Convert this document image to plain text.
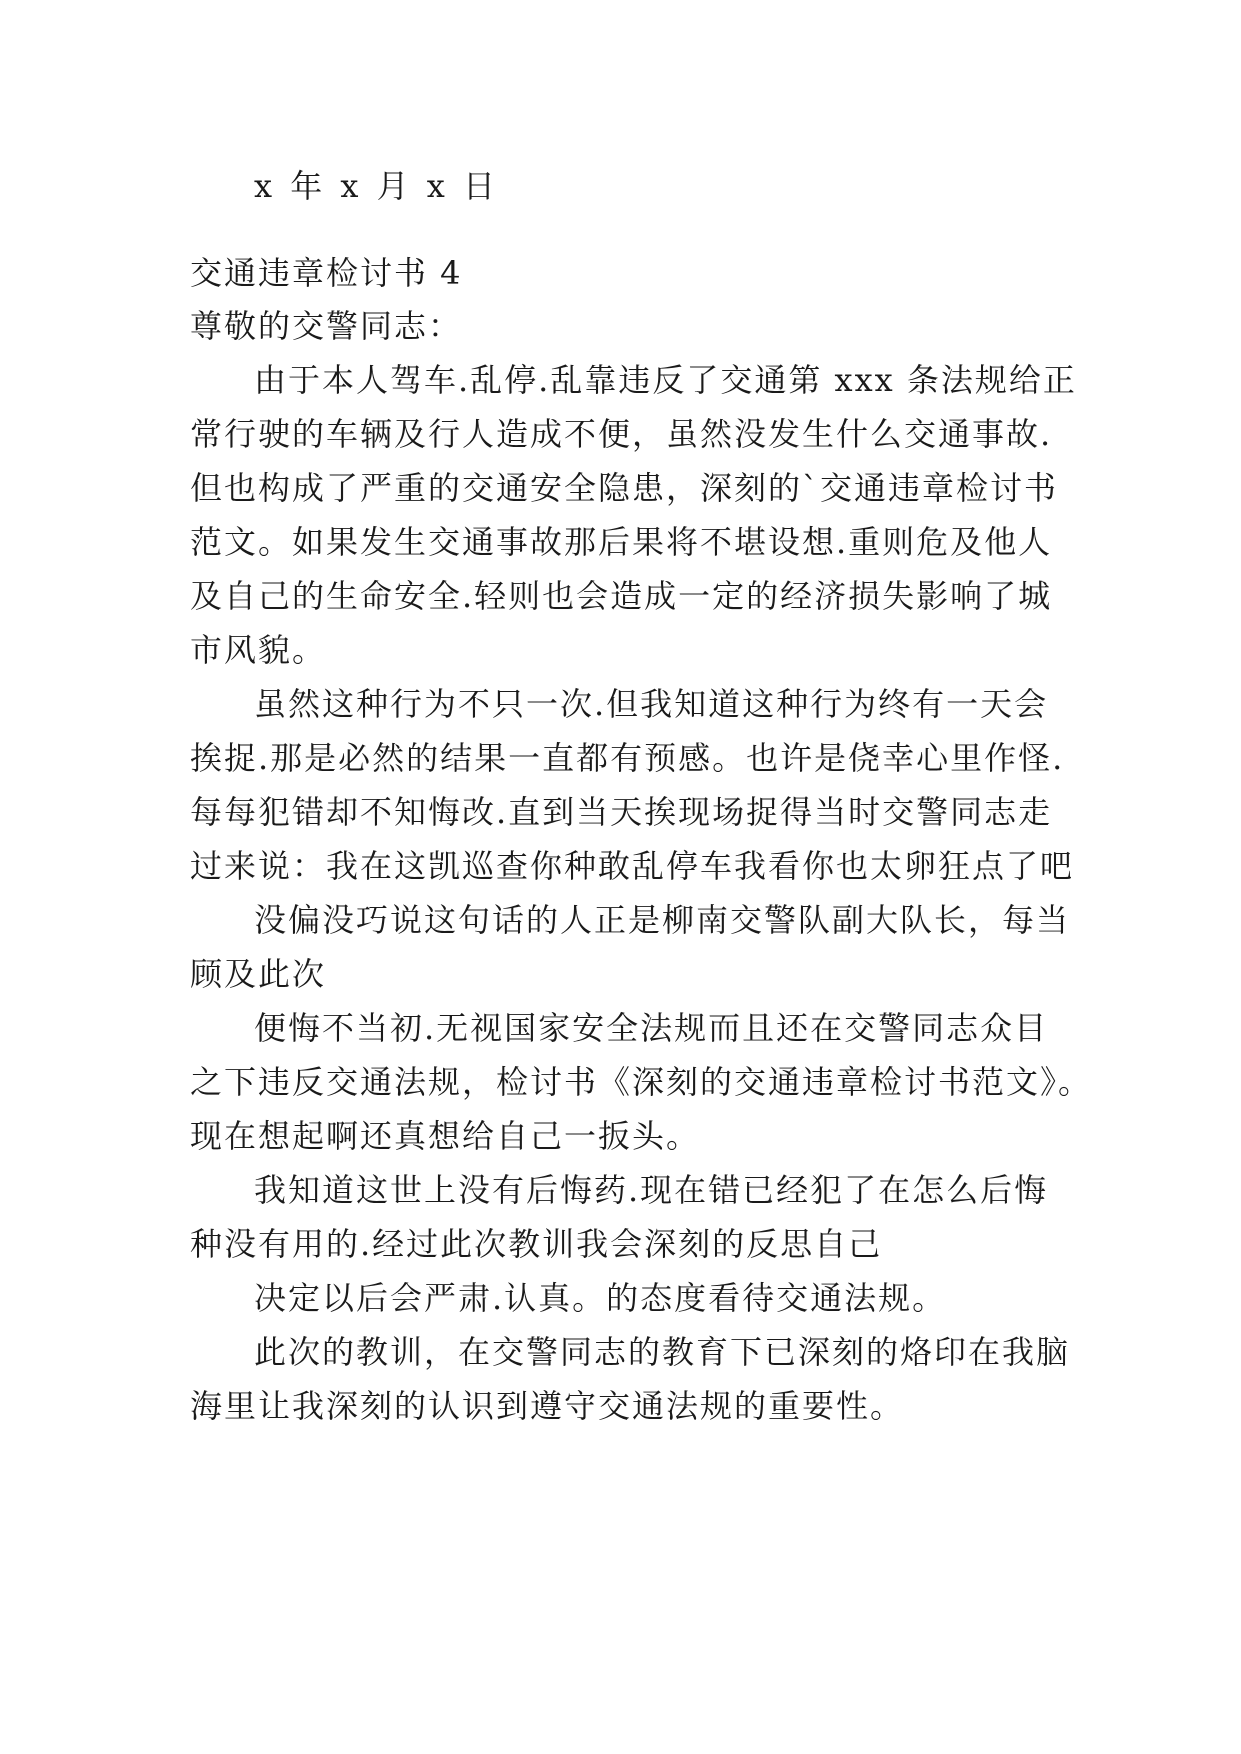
x 年 x 月 x 日
交通违章检讨书 4
尊敬的交警同志：
由于本人驾车.乱停.乱靠违反了交通第 xxx 条法规给正
常行驶的车辆及行人造成不便，虽然没发生什么交通事故.
但也构成了严重的交通安全隐患，深刻的`交通违章检讨书
范文。如果发生交通事故那后果将不堪设想.重则危及他人
及自己的生命安全.轻则也会造成一定的经济损失影响了城
市风貌。
虽然这种行为不只一次.但我知道这种行为终有一天会
挨捉.那是必然的结果一直都有预感。也许是侥幸心里作怪.
每每犯错却不知悔改.直到当天挨现场捉得当时交警同志走
过来说：我在这凯巡查你种敢乱停车我看你也太卵狂点了吧
没偏没巧说这句话的人正是柳南交警队副大队长，每当
顾及此次
便悔不当初.无视国家安全法规而且还在交警同志众目
之下违反交通法规，检讨书《深刻的交通违章检讨书范文》。
现在想起啊还真想给自己一扳头。
我知道这世上没有后悔药.现在错已经犯了在怎么后悔
种没有用的.经过此次教训我会深刻的反思自己
决定以后会严肃.认真。的态度看待交通法规。
此次的教训，在交警同志的教育下已深刻的烙印在我脑
海里让我深刻的认识到遵守交通法规的重要性。
